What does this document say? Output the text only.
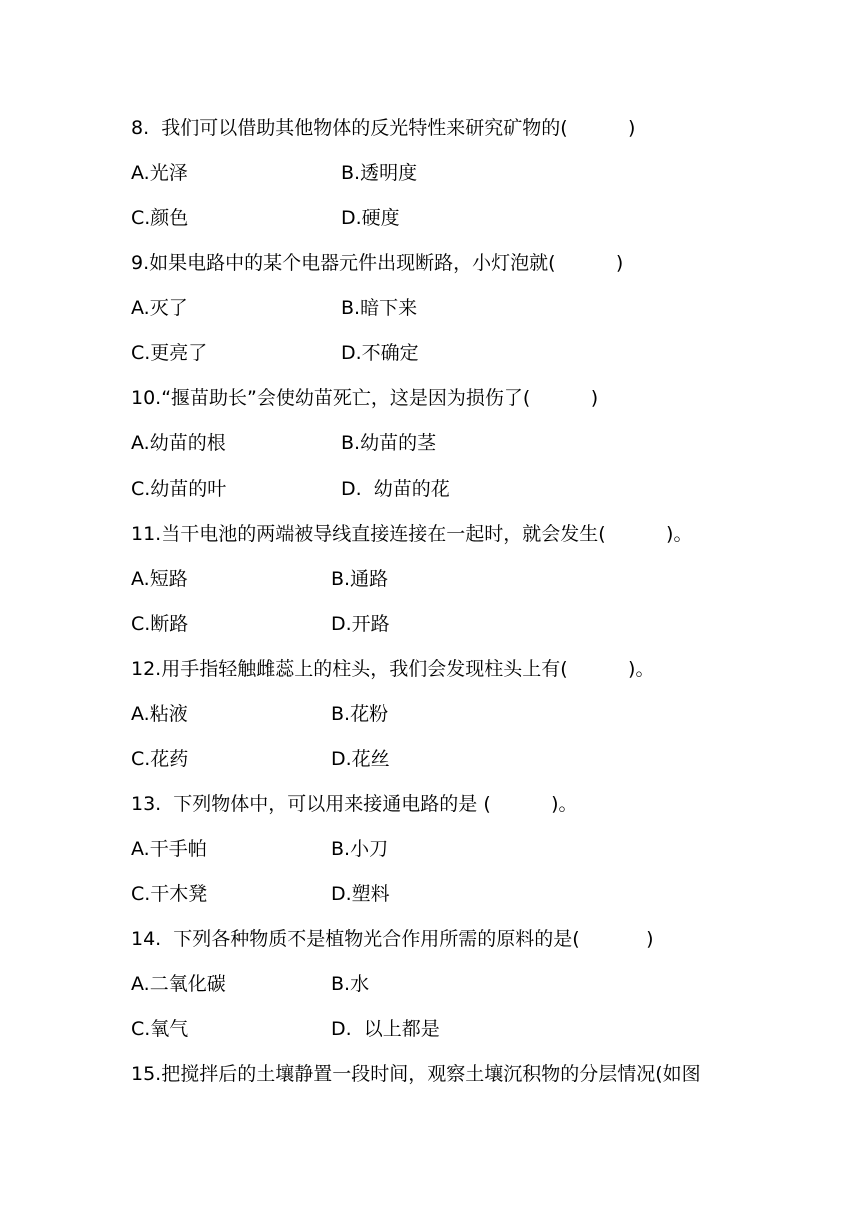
8.  我们可以借助其他物体的反光特性来研究矿物的(          )
A.光泽	B.透明度
C.颜色	D.硬度
9.如果电路中的某个电器元件出现断路，小灯泡就(          )
A.灭了	B.暗下来
C.更亮了	D.不确定
10.“揠苗助长”会使幼苗死亡，这是因为损伤了(          )
A.幼苗的根	B.幼苗的茎
C.幼苗的叶	D.  幼苗的花
11.当干电池的两端被导线直接连接在一起时，就会发生(          )。
A.短路	B.通路
C.断路	D.开路
12.用手指轻触雌蕊上的柱头，我们会发现柱头上有(          )。
A.粘液	B.花粉
C.花药	D.花丝
13.  下列物体中，可以用来接通电路的是 (          )。
A.干手帕	B.小刀
C.干木凳	D.塑料
14.  下列各种物质不是植物光合作用所需的原料的是(           )
A.二氧化碳	B.水
C.氧气	D.  以上都是
15.把搅拌后的土壤静置一段时间，观察土壤沉积物的分层情况(如图
